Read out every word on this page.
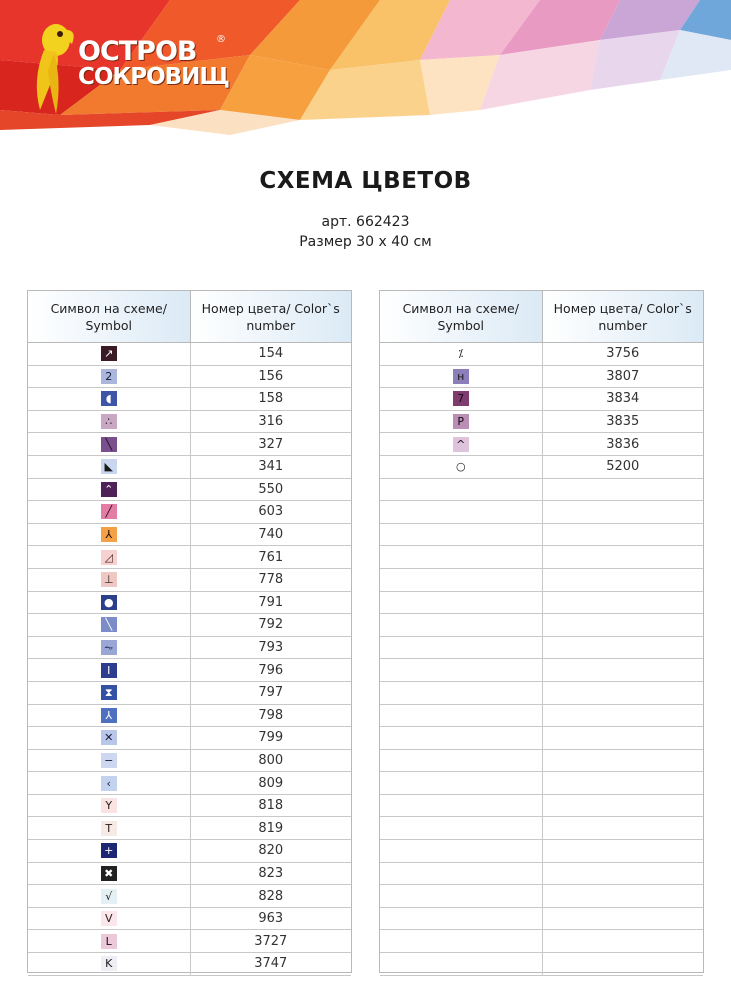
ОСТРОВ ®
СОКРОВИЩ
СХЕМА ЦВЕТОВ
арт. 662423
Размер 30 х 40 см
Символ на схеме/ Symbol
Номер цвета/ Color`s number
↗	154
2	156
◖	158
∴	316
╲	327
◣	341
⌃	550
╱	603
⅄	740
◿	761
⊥	778
●	791
╲	792
⏦	793
I	796
⧗	797
⅄	798
✕	799
−	800
‹	809
Y	818
T	819
+	820
✖	823
√	828
V	963
L	3727
K	3747
Символ на схеме/ Symbol
Номер цвета/ Color`s number
⁒	3756
н	3807
7	3834
P	3835
^	3836
○	5200
